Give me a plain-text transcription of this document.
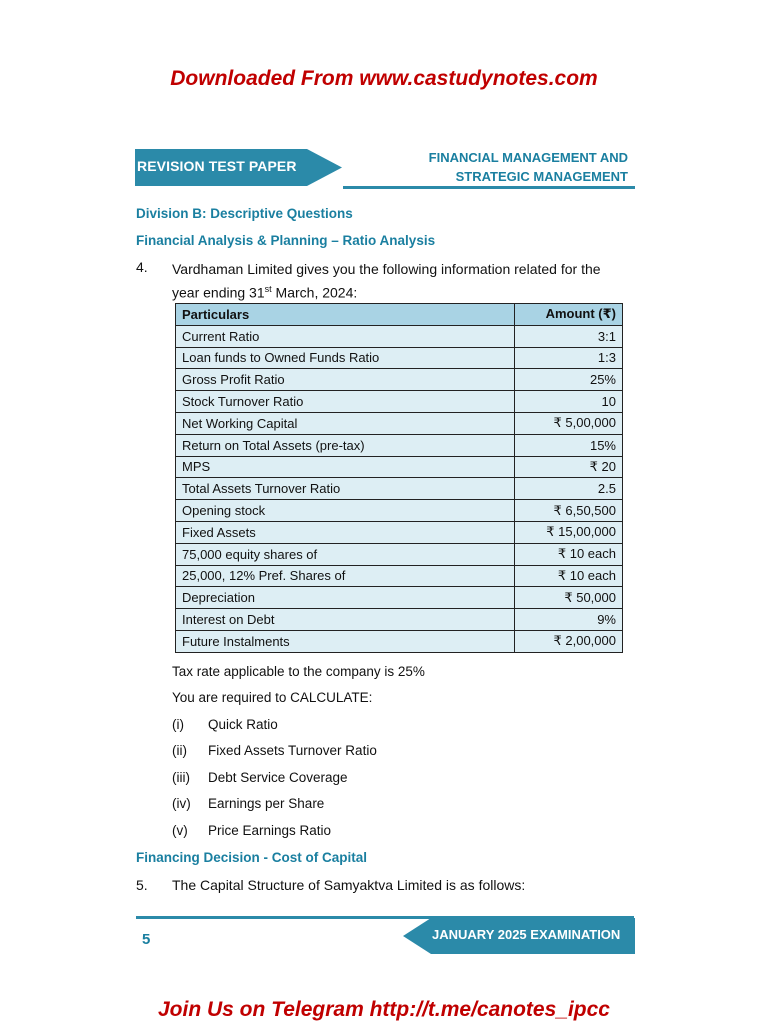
Downloaded From www.castudynotes.com
REVISION TEST PAPER
FINANCIAL MANAGEMENT AND
STRATEGIC MANAGEMENT
Division B: Descriptive Questions
Financial Analysis & Planning – Ratio Analysis
4. Vardhaman Limited gives you the following information related for the
year ending 31st March, 2024:
Particulars	Amount (₹)
Current Ratio	3:1
Loan funds to Owned Funds Ratio	1:3
Gross Profit Ratio	25%
Stock Turnover Ratio	10
Net Working Capital	₹ 5,00,000
Return on Total Assets (pre-tax)	15%
MPS	₹ 20
Total Assets Turnover Ratio	2.5
Opening stock	₹ 6,50,500
Fixed Assets	₹ 15,00,000
75,000 equity shares of	₹ 10 each
25,000, 12% Pref. Shares of	₹ 10 each
Depreciation	₹ 50,000
Interest on Debt	9%
Future Instalments	₹ 2,00,000
Tax rate applicable to the company is 25%
You are required to CALCULATE:
(i) Quick Ratio
(ii) Fixed Assets Turnover Ratio
(iii) Debt Service Coverage
(iv) Earnings per Share
(v) Price Earnings Ratio
Financing Decision - Cost of Capital
5. The Capital Structure of Samyaktva Limited is as follows:
5	JANUARY 2025 EXAMINATION
Join Us on Telegram http://t.me/canotes_ipcc
